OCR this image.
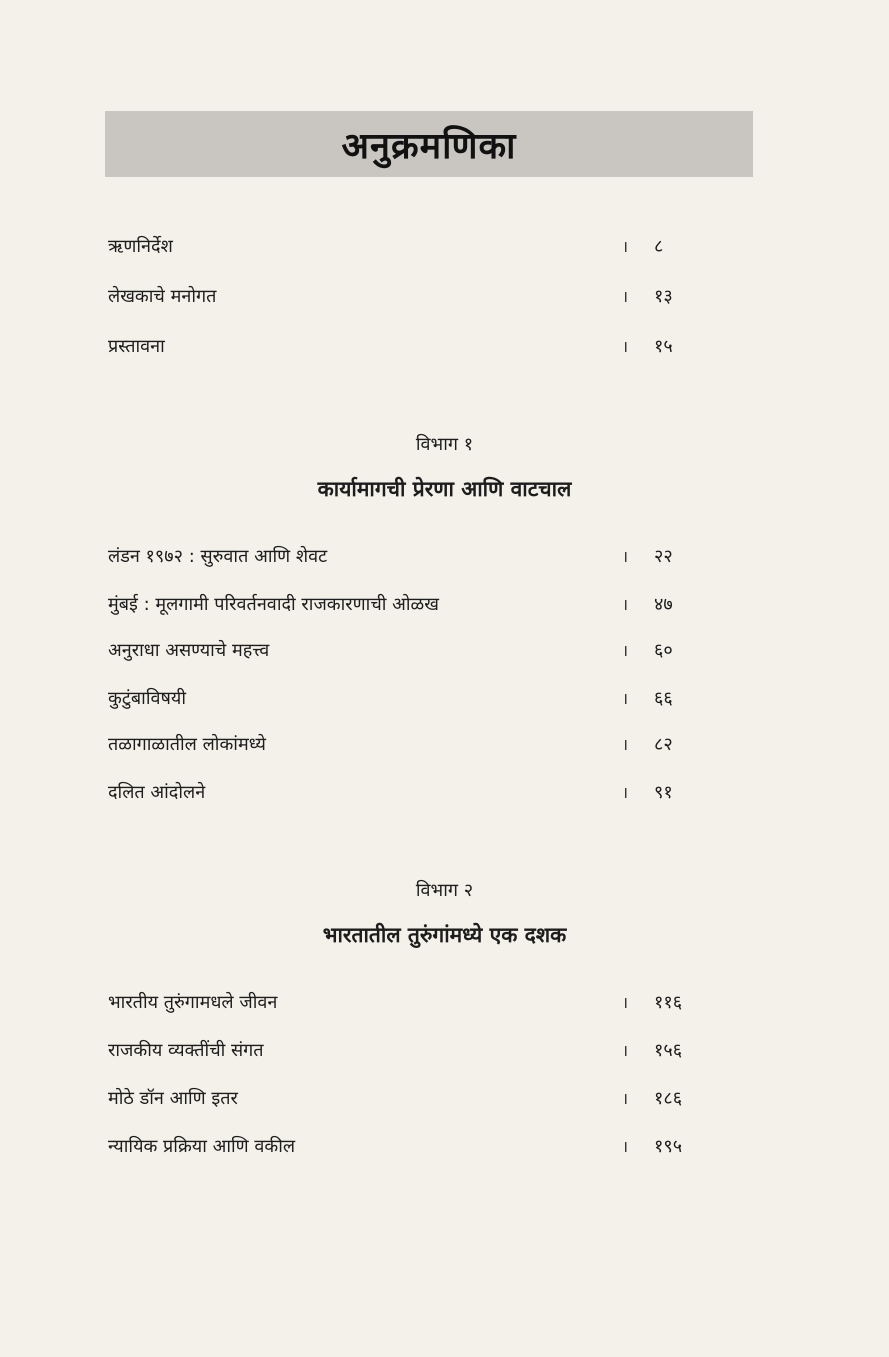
अनुक्रमणिका
ऋणनिर्देश	। ८
लेखकाचे मनोगत	। १३
प्रस्तावना	। १५
विभाग १
कार्यामागची प्रेरणा आणि वाटचाल
लंडन १९७२ : सुरुवात आणि शेवट	। २२
मुंबई : मूलगामी परिवर्तनवादी राजकारणाची ओळख	। ४७
अनुराधा असण्याचे महत्त्व	। ६०
कुटुंबाविषयी	। ६६
तळागाळातील लोकांमध्ये	। ८२
दलित आंदोलने	। ९१
विभाग २
भारतातील तुरुंगांमध्ये एक दशक
भारतीय तुरुंगामधले जीवन	। ११६
राजकीय व्यक्तींची संगत	। १५६
मोठे डॉन आणि इतर	। १८६
न्यायिक प्रक्रिया आणि वकील	। १९५
